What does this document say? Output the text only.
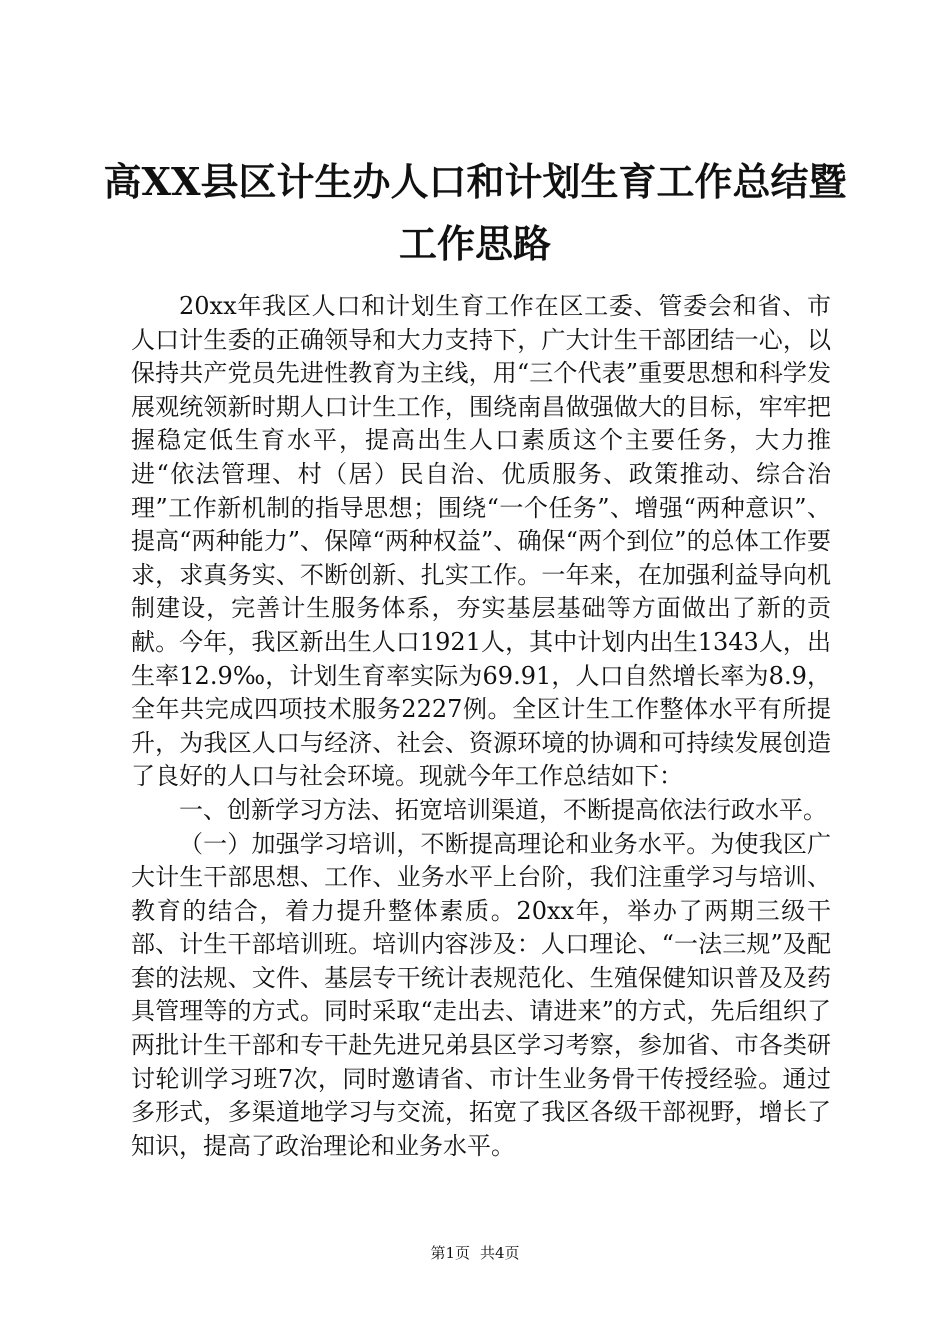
高XX县区计生办人口和计划生育工作总结暨
工作思路

20xx年我区人口和计划生育工作在区工委、管委会和省、市人口计生委的正确领导和大力支持下，广大计生干部团结一心，以保持共产党员先进性教育为主线，用“三个代表”重要思想和科学发展观统领新时期人口计生工作，围绕南昌做强做大的目标，牢牢把握稳定低生育水平，提高出生人口素质这个主要任务，大力推进“依法管理、村（居）民自治、优质服务、政策推动、综合治理”工作新机制的指导思想；围绕“一个任务”、增强“两种意识”、提高“两种能力”、保障“两种权益”、确保“两个到位”的总体工作要求，求真务实、不断创新、扎实工作。一年来，在加强利益导向机制建设，完善计生服务体系，夯实基层基础等方面做出了新的贡献。今年，我区新出生人口1921人，其中计划内出生1343人，出生率12.9‰，计划生育率实际为69.91，人口自然增长率为8.9，全年共完成四项技术服务2227例。全区计生工作整体水平有所提升，为我区人口与经济、社会、资源环境的协调和可持续发展创造了良好的人口与社会环境。现就今年工作总结如下：

一、创新学习方法、拓宽培训渠道，不断提高依法行政水平。

（一）加强学习培训，不断提高理论和业务水平。为使我区广大计生干部思想、工作、业务水平上台阶，我们注重学习与培训、教育的结合，着力提升整体素质。20xx年，举办了两期三级干部、计生干部培训班。培训内容涉及：人口理论、“一法三规”及配套的法规、文件、基层专干统计表规范化、生殖保健知识普及及药具管理等的方式。同时采取“走出去、请进来”的方式，先后组织了两批计生干部和专干赴先进兄弟县区学习考察，参加省、市各类研讨轮训学习班7次，同时邀请省、市计生业务骨干传授经验。通过多形式，多渠道地学习与交流，拓宽了我区各级干部视野，增长了知识，提高了政治理论和业务水平。

第1页 共4页
